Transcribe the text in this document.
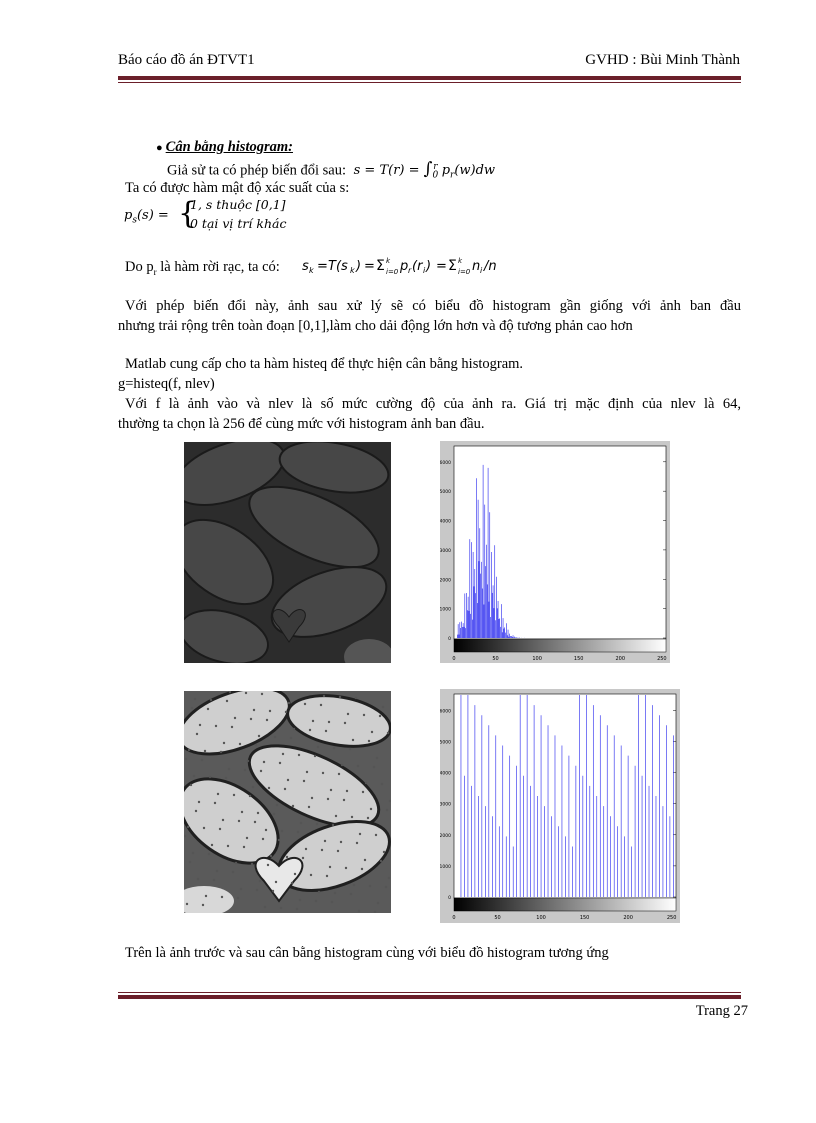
Báo cáo đồ án ĐTVT1	GVHD : Bùi Minh Thành
● Cân bằng histogram:
Giả sử ta có phép biến đổi sau: $s = T(r) = \int_0^r$ $p_r(w)dw$
Ta có được hàm mật độ xác suất của s:
$p_s(s)$ = {
1, s thuộc [0,1]
0 tại vị trí khác
Do $p_r$ là hàm rời rạc, ta có: s k = T(s k ) = Σ k
i=0 p r (r i ) = Σ k
i=0 n i /n
Với phép biến đổi này, ảnh sau xử lý sẽ có biểu đồ histogram gần giống với ảnh ban đầu
nhưng trải rộng trên toàn đoạn [0,1],làm cho dải động lớn hơn và độ tương phản cao hơn
Matlab cung cấp cho ta hàm histeq để thực hiện cân bằng histogram.
g=histeq(f, nlev)
Với f là ảnh vào và nlev là số mức cường độ của ảnh ra. Giá trị mặc định của nlev là 64,
thường ta chọn là 256 để cùng mức với histogram ảnh ban đầu.
0
1000
2000
3000
4000
5000
6000
0	50	100	150	200	250
0
1000
2000
3000
4000
5000
6000
0	50	100	150	200	250
Trên là ảnh trước và sau cân bằng histogram cùng với biểu đồ histogram tương ứng
Trang 27
